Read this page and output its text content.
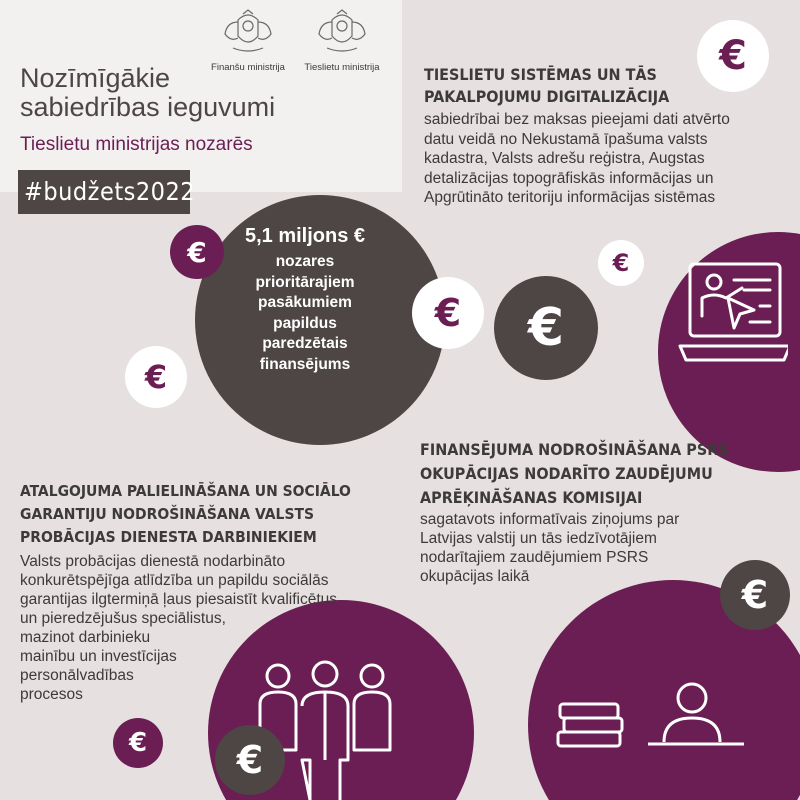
Finanšu ministrija Tieslietu ministrija
Nozīmīgākie
sabiedrības ieguvumi
Tieslietu ministrijas nozarēs
#budžets2022
5,1 miljons €
nozares
prioritārajiem
pasākumiem
papildus
paredzētais
finansējums
€
€
€ €
€
€
€
€ €
TIESLIETU SISTĒMAS UN TĀS
PAKALPOJUMU DIGITALIZĀCIJA
sabiedrībai bez maksas pieejami dati atvērto
datu veidā no Nekustamā īpašuma valsts
kadastra, Valsts adrešu reģistra, Augstas
detalizācijas topogrāfiskās informācijas un
Apgrūtināto teritoriju informācijas sistēmas
FINANSĒJUMA NODROŠINĀŠANA PSRS
OKUPĀCIJAS NODARĪTO ZAUDĒJUMU
APRĒĶINĀŠANAS KOMISIJAI
sagatavots informatīvais ziņojums par
Latvijas valstij un tās iedzīvotājiem
nodarītajiem zaudējumiem PSRS
okupācijas laikā
ATALGOJUMA PALIELINĀŠANA UN SOCIĀLO
GARANTIJU NODROŠINĀŠANA VALSTS
PROBĀCIJAS DIENESTA DARBINIEKIEM
Valsts probācijas dienestā nodarbināto
konkurētspējīga atlīdzība un papildu sociālās
garantijas ilgtermiņā ļaus piesaistīt kvalificētus
un pieredzējušus speciālistus,
mazinot darbinieku
mainību un investīcijas
personālvadības
procesos
